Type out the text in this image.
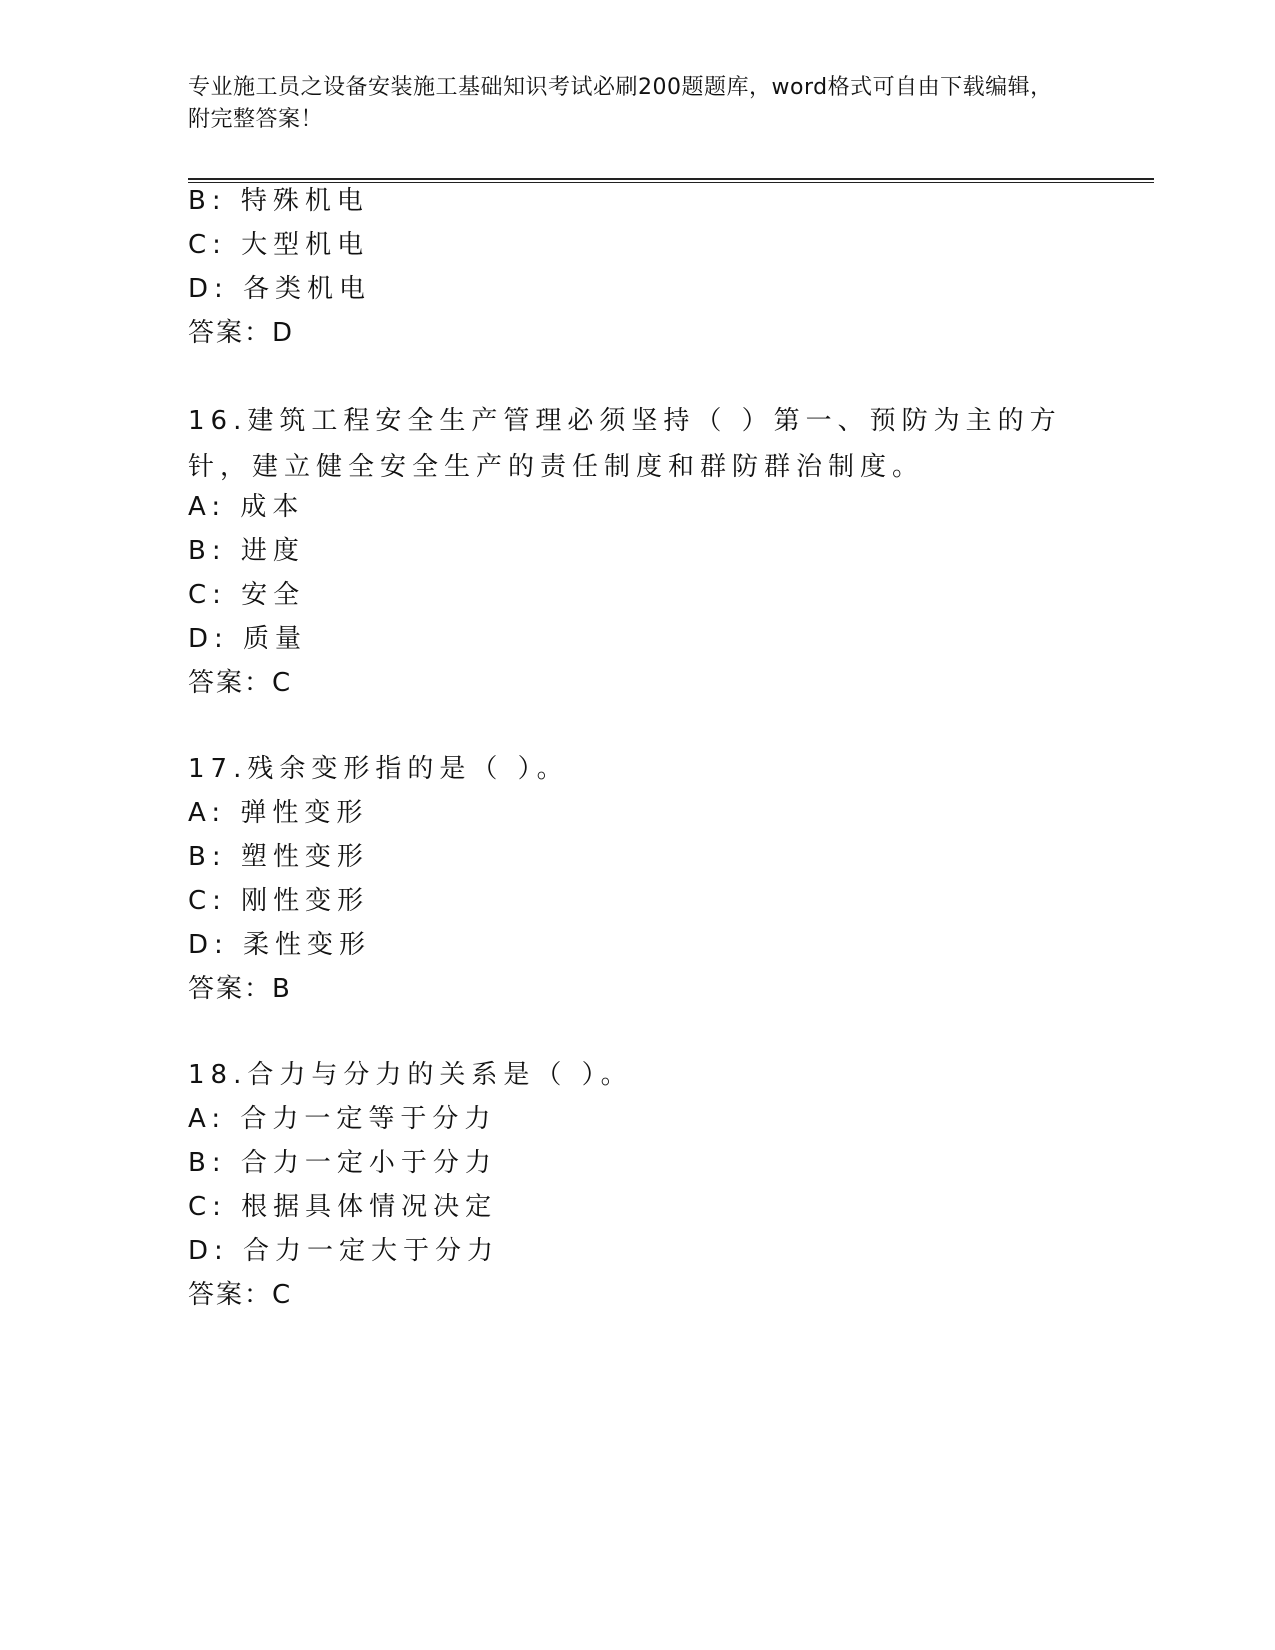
专业施工员之设备安装施工基础知识考试必刷200题题库，word格式可自由下载编辑，附完整答案！
B: 特殊机电
C: 大型机电
D: 各类机电
答案：D
16.建筑工程安全生产管理必须坚持（ ）第一、预防为主的方针，建立健全安全生产的责任制度和群防群治制度。
A: 成本
B: 进度
C: 安全
D: 质量
答案：C
17.残余变形指的是（ ）。
A: 弹性变形
B: 塑性变形
C: 刚性变形
D: 柔性变形
答案：B
18.合力与分力的关系是（ ）。
A: 合力一定等于分力
B: 合力一定小于分力
C: 根据具体情况决定
D: 合力一定大于分力
答案：C
